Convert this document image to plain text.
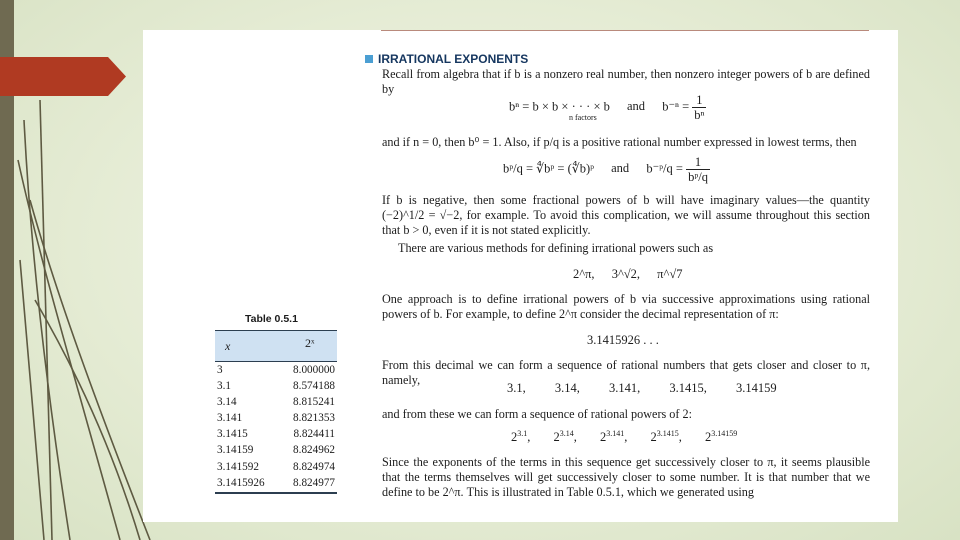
IRRATIONAL EXPONENTS
Recall from algebra that if b is a nonzero real number, then nonzero integer powers of b are defined by
bⁿ = b × b × · · · × b and $b^{-n} = \frac{1}{\text{bⁿ}}$
n factors
and if n = 0, then b⁰ = 1. Also, if p/q is a positive rational number expressed in lowest terms, then
bᵖ/q = ∜bᵖ = (∜b)ᵖ and b⁻ᵖ/q = $\frac{1}{\text{bᵖ/q}}$
If b is negative, then some fractional powers of b will have imaginary values—the quantity (−2)^1/2 = √−2, for example. To avoid this complication, we will assume throughout this section that b > 0, even if it is not stated explicitly.
There are various methods for defining irrational powers such as
2^π, 3^√2, π^√7
One approach is to define irrational powers of b via successive approximations using rational powers of b. For example, to define 2^π consider the decimal representation of π:
3.1415926 . . .
From this decimal we can form a sequence of rational numbers that gets closer and closer to π, namely,
3.1, 3.14, 3.141, 3.1415, 3.14159
and from these we can form a sequence of rational powers of 2:
$2^{3.1}$, $2^{3.14}$, $2^{3.141}$, $2^{3.1415}$, $2^{3.14159}$
Since the exponents of the terms in this sequence get successively closer to π, it seems plausible that the terms themselves will get successively closer to some number. It is that number that we define to be 2^π. This is illustrated in Table 0.5.1, which we generated using
Table 0.5.1
x	2ˣ
3	8.000000
3.1	8.574188
3.14	8.815241
3.141	8.821353
3.1415	8.824411
3.14159	8.824962
3.141592	8.824974
3.1415926	8.824977
